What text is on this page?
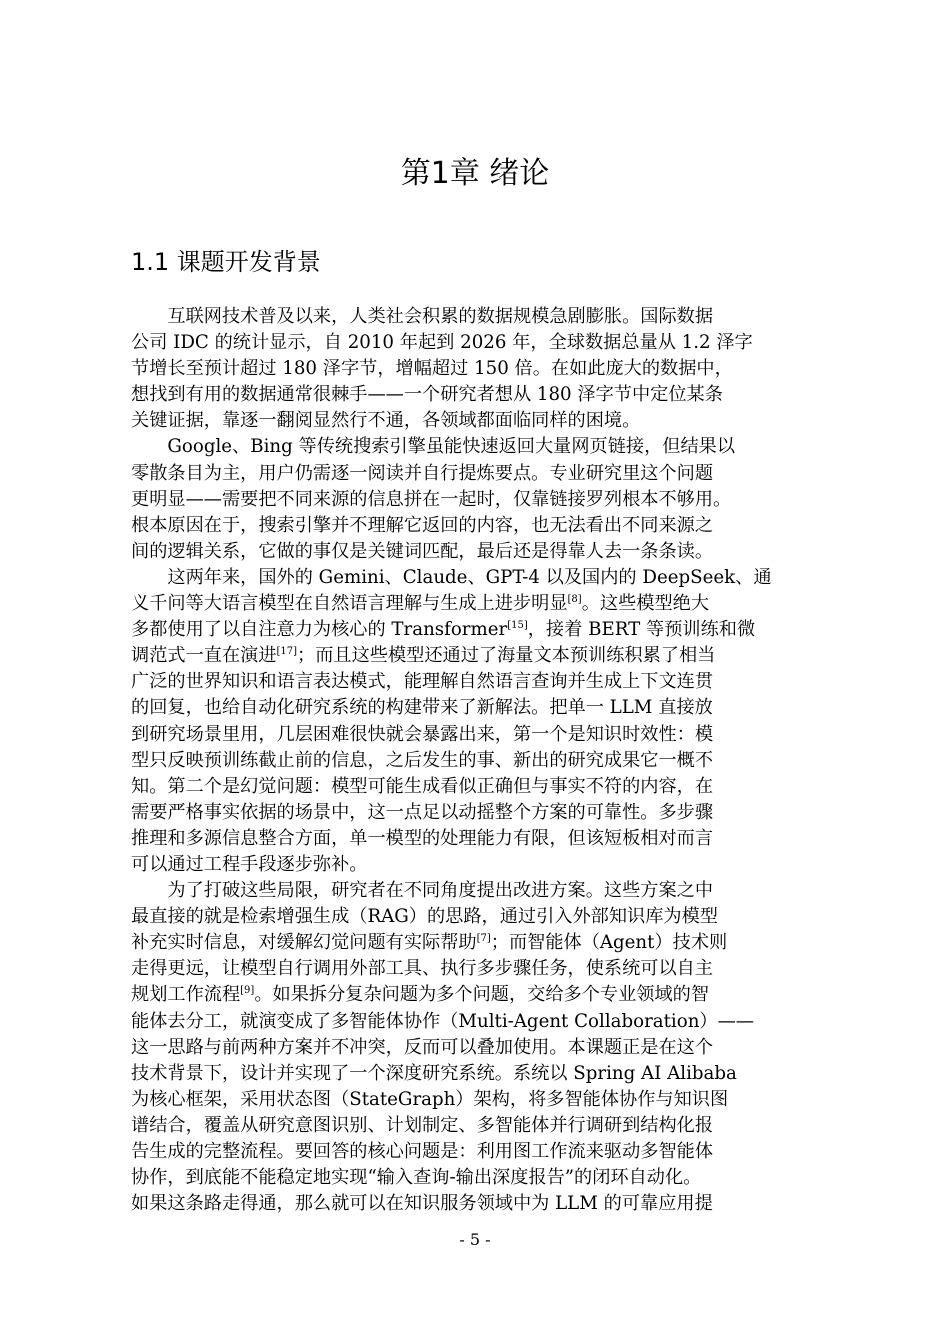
第1章 绪论
1.1 课题开发背景

互联网技术普及以来，人类社会积累的数据规模急剧膨胀。国际数据
公司 IDC 的统计显示，自 2010 年起到 2026 年，全球数据总量从 1.2 泽字
节增长至预计超过 180 泽字节，增幅超过 150 倍。在如此庞大的数据中，
想找到有用的数据通常很棘手——一个研究者想从 180 泽字节中定位某条
关键证据，靠逐一翻阅显然行不通，各领域都面临同样的困境。

Google、Bing 等传统搜索引擎虽能快速返回大量网页链接，但结果以
零散条目为主，用户仍需逐一阅读并自行提炼要点。专业研究里这个问题
更明显——需要把不同来源的信息拼在一起时，仅靠链接罗列根本不够用。
根本原因在于，搜索引擎并不理解它返回的内容，也无法看出不同来源之
间的逻辑关系，它做的事仅是关键词匹配，最后还是得靠人去一条条读。

这两年来，国外的 Gemini、Claude、GPT-4 以及国内的 DeepSeek、通
义千问等大语言模型在自然语言理解与生成上进步明显[8]。这些模型绝大
多都使用了以自注意力为核心的 Transformer[15]，接着 BERT 等预训练和微
调范式一直在演进[17]；而且这些模型还通过了海量文本预训练积累了相当
广泛的世界知识和语言表达模式，能理解自然语言查询并生成上下文连贯
的回复，也给自动化研究系统的构建带来了新解法。把单一 LLM 直接放
到研究场景里用，几层困难很快就会暴露出来，第一个是知识时效性：模
型只反映预训练截止前的信息，之后发生的事、新出的研究成果它一概不
知。第二个是幻觉问题：模型可能生成看似正确但与事实不符的内容，在
需要严格事实依据的场景中，这一点足以动摇整个方案的可靠性。多步骤
推理和多源信息整合方面，单一模型的处理能力有限，但该短板相对而言
可以通过工程手段逐步弥补。

为了打破这些局限，研究者在不同角度提出改进方案。这些方案之中
最直接的就是检索增强生成（RAG）的思路，通过引入外部知识库为模型
补充实时信息，对缓解幻觉问题有实际帮助[7]；而智能体（Agent）技术则
走得更远，让模型自行调用外部工具、执行多步骤任务，使系统可以自主
规划工作流程[9]。如果拆分复杂问题为多个问题，交给多个专业领域的智
能体去分工，就演变成了多智能体协作（Multi-Agent Collaboration）——
这一思路与前两种方案并不冲突，反而可以叠加使用。本课题正是在这个
技术背景下，设计并实现了一个深度研究系统。系统以 Spring AI Alibaba
为核心框架，采用状态图（StateGraph）架构，将多智能体协作与知识图
谱结合，覆盖从研究意图识别、计划制定、多智能体并行调研到结构化报
告生成的完整流程。要回答的核心问题是：利用图工作流来驱动多智能体
协作，到底能不能稳定地实现“输入查询-输出深度报告”的闭环自动化。
如果这条路走得通，那么就可以在知识服务领域中为 LLM 的可靠应用提

- 5 -
